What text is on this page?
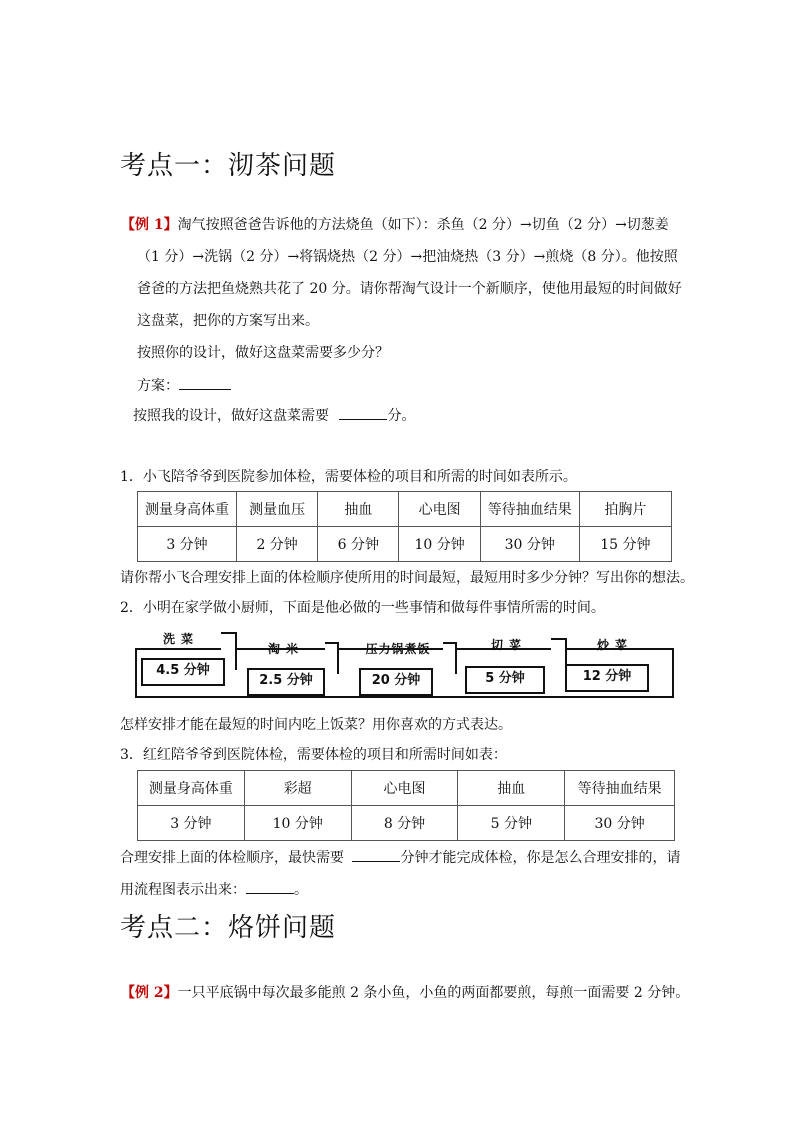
考点一：沏茶问题
【例 1】淘气按照爸爸告诉他的方法烧鱼（如下）：杀鱼（2 分）→切鱼（2 分）→切葱姜
（1 分）→洗锅（2 分）→将锅烧热（2 分）→把油烧热（3 分）→煎烧（8 分）。他按照
爸爸的方法把鱼烧熟共花了 20 分。请你帮淘气设计一个新顺序，使他用最短的时间做好
这盘菜，把你的方案写出来。
按照你的设计，做好这盘菜需要多少分？
方案：
按照我的设计，做好这盘菜需要	分。
1．小飞陪爷爷到医院参加体检，需要体检的项目和所需的时间如表所示。
测量身高体重	测量血压	抽血	心电图	等待抽血结果	拍胸片
3 分钟	2 分钟	6 分钟	10 分钟	30 分钟	15 分钟
请你帮小飞合理安排上面的体检顺序使所用的时间最短，最短用时多少分钟？写出你的想法。
2．小明在家学做小厨师，下面是他必做的一些事情和做每件事情所需的时间。
洗菜
4.5 分钟
淘米
2.5 分钟
压力锅煮饭
20 分钟
切菜
5 分钟
炒菜
12 分钟
怎样安排才能在最短的时间内吃上饭菜？用你喜欢的方式表达。
3．红红陪爷爷到医院体检，需要体检的项目和所需时间如表：
测量身高体重	彩超	心电图	抽血	等待抽血结果
3 分钟	10 分钟	8 分钟	5 分钟	30 分钟
合理安排上面的体检顺序，最快需要	分钟才能完成体检，你是怎么合理安排的，请
用流程图表示出来：	。
考点二：烙饼问题
【例 2】一只平底锅中每次最多能煎 2 条小鱼，小鱼的两面都要煎，每煎一面需要 2 分钟。
